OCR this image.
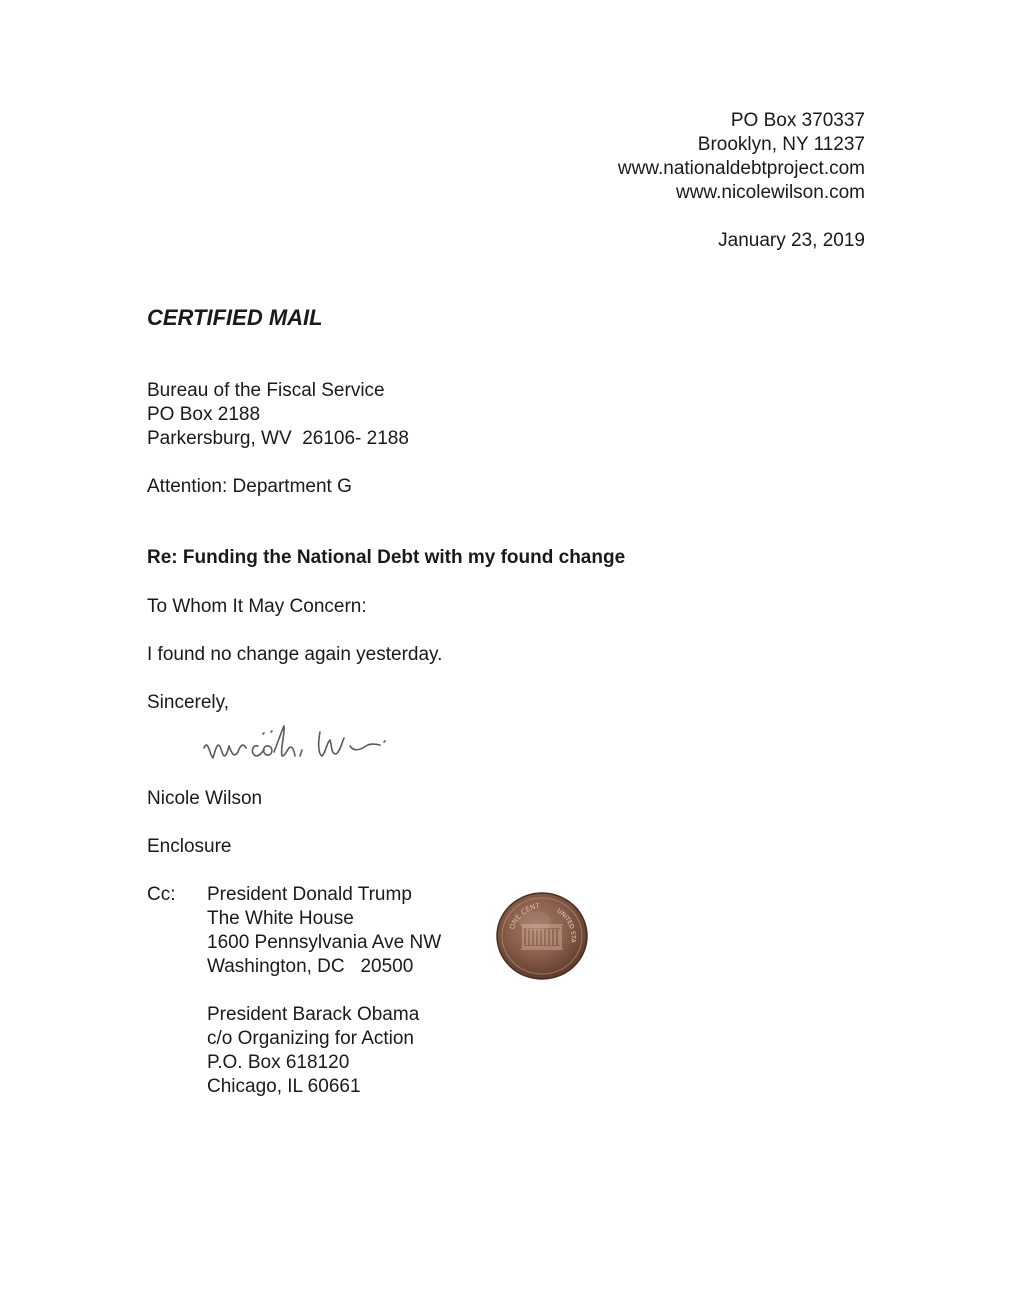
PO Box 370337
Brooklyn, NY 11237
www.nationaldebtproject.com
www.nicolewilson.com
January 23, 2019
CERTIFIED MAIL
Bureau of the Fiscal Service
PO Box 2188
Parkersburg, WV  26106- 2188
Attention: Department G
Re: Funding the National Debt with my found change
To Whom It May Concern:
I found no change again yesterday.
Sincerely,
Nicole Wilson
Enclosure
Cc: President Donald Trump
The White House
1600 Pennsylvania Ave NW
Washington, DC   20500
President Barack Obama
c/o Organizing for Action
P.O. Box 618120
Chicago, IL 60661
ONE CENT
UNITED STA
